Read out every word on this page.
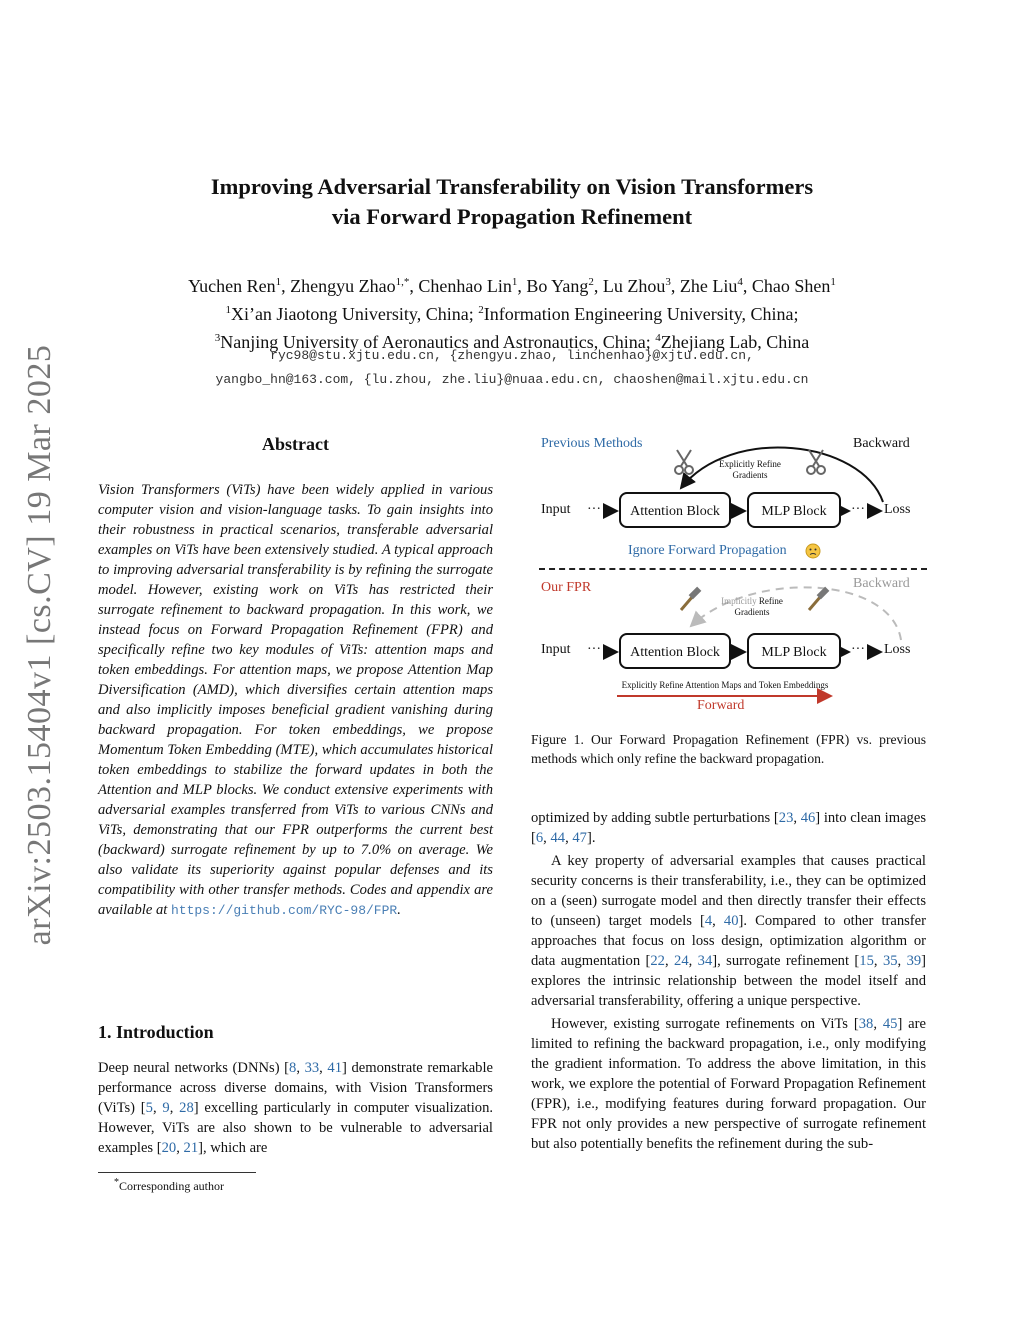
arXiv:2503.15404v1 [cs.CV] 19 Mar 2025
Improving Adversarial Transferability on Vision Transformers
via Forward Propagation Refinement
Yuchen Ren$^1$, Zhengyu Zhao$^{1,*}$, Chenhao Lin$^1$, Bo Yang$^2$, Lu Zhou$^3$, Zhe Liu$^4$, Chao Shen$^1$
$^1$Xi’an Jiaotong University, China; $^2$Information Engineering University, China;
$^3$Nanjing University of Aeronautics and Astronautics, China; $^4$Zhejiang Lab, China
ryc98@stu.xjtu.edu.cn, {zhengyu.zhao, linchenhao}@xjtu.edu.cn,
yangbo_hn@163.com, {lu.zhou, zhe.liu}@nuaa.edu.cn, chaoshen@mail.xjtu.edu.cn
Abstract
Vision Transformers (ViTs) have been widely applied in various computer vision and vision-language tasks. To gain insights into their robustness in practical scenarios, transferable adversarial examples on ViTs have been extensively studied. A typical approach to improving adversarial transferability is by refining the surrogate model. However, existing work on ViTs has restricted their surrogate refinement to backward propagation. In this work, we instead focus on Forward Propagation Refinement (FPR) and specifically refine two key modules of ViTs: attention maps and token embeddings. For attention maps, we propose Attention Map Diversification (AMD), which diversifies certain attention maps and also implicitly imposes beneficial gradient vanishing during backward propagation. For token embeddings, we propose Momentum Token Embedding (MTE), which accumulates historical token embeddings to stabilize the forward updates in both the Attention and MLP blocks. We conduct extensive experiments with adversarial examples transferred from ViTs to various CNNs and ViTs, demonstrating that our FPR outperforms the current best (backward) surrogate refinement by up to 7.0% on average. We also validate its superiority against popular defenses and its compatibility with other transfer methods. Codes and appendix are available at https://github.com/RYC-98/FPR.
1. Introduction
Deep neural networks (DNNs) [8, 33, 41] demonstrate remarkable performance across diverse domains, with Vision Transformers (ViTs) [5, 9, 28] excelling particularly in computer visualization. However, ViTs are also shown to be vulnerable to adversarial examples [20, 21], which are
*Corresponding author
Previous Methods	Backward
Explicitly Refine
Gradients
Input ···	Attention Block	MLP Block	··· Loss
Ignore Forward Propagation
Our FPR	Backward
Implicitly Refine
Gradients
Input ···	Attention Block	MLP Block	··· Loss
Explicitly Refine Attention Maps and Token Embeddings
Forward
Figure 1. Our Forward Propagation Refinement (FPR) vs. previous methods which only refine the backward propagation.

optimized by adding subtle perturbations [23, 46] into clean images [6, 44, 47].

A key property of adversarial examples that causes practical security concerns is their transferability, i.e., they can be optimized on a (seen) surrogate model and then directly transfer their effects to (unseen) target models [4, 40]. Compared to other transfer approaches that focus on loss design, optimization algorithm or data augmentation [22, 24, 34], surrogate refinement [15, 35, 39] explores the intrinsic relationship between the model itself and adversarial transferability, offering a unique perspective.

However, existing surrogate refinements on ViTs [38, 45] are limited to refining the backward propagation, i.e., only modifying the gradient information. To address the above limitation, in this work, we explore the potential of Forward Propagation Refinement (FPR), i.e., modifying features during forward propagation. Our FPR not only provides a new perspective of surrogate refinement but also potentially benefits the refinement during the sub-
